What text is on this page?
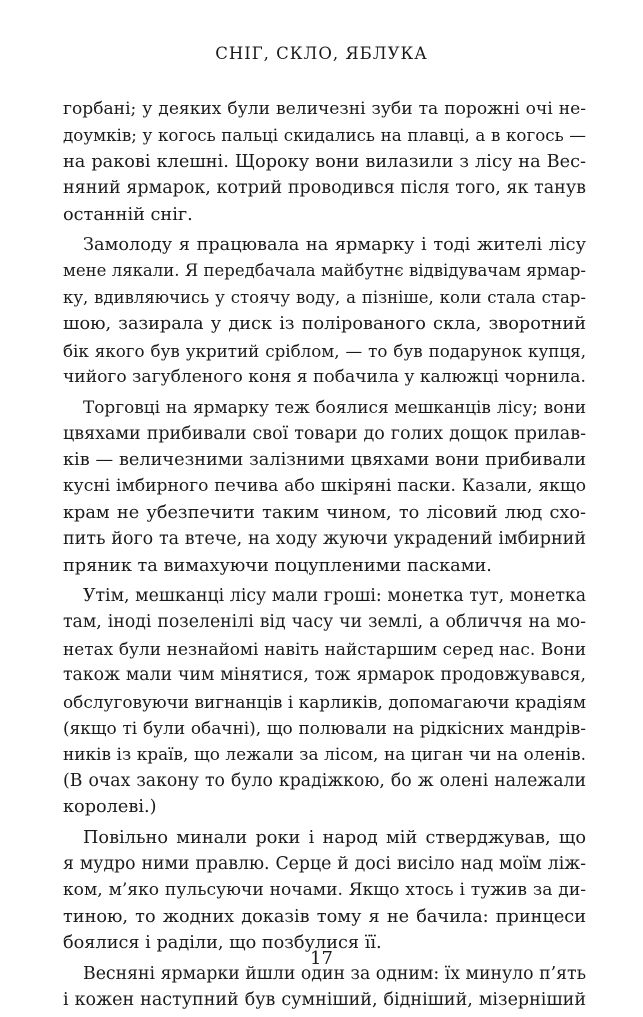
СНІГ, СКЛО, ЯБЛУКА
горбані; у деяких були величезні зуби та порожні очі не-
доумків; у когось пальці скидались на плавці, а в когось —
на ракові клешні. Щороку вони вилазили з лісу на Вес-
няний ярмарок, котрий проводився після того, як танув
останній сніг.
Замолоду я працювала на ярмарку і тоді жителі лісу
мене лякали. Я передбачала майбутнє відвідувачам ярмар-
ку, вдивляючись у стоячу воду, а пізніше, коли стала стар-
шою, зазирала у диск із полірованого скла, зворотний
бік якого був укритий сріблом, — то був подарунок купця,
чийого загубленого коня я побачила у калюжці чорнила.
Торговці на ярмарку теж боялися мешканців лісу; вони
цвяхами прибивали свої товари до голих дощок прилав-
ків — величезними залізними цвяхами вони прибивали
кусні імбирного печива або шкіряні паски. Казали, якщо
крам не убезпечити таким чином, то лісовий люд схо-
пить його та втече, на ходу жуючи украдений імбирний
пряник та вимахуючи поцупленими пасками.
Утім, мешканці лісу мали гроші: монетка тут, монетка
там, іноді позеленілі від часу чи землі, а обличчя на мо-
нетах були незнайомі навіть найстаршим серед нас. Вони
також мали чим мінятися, тож ярмарок продовжувався,
обслуговуючи вигнанців і карликів, допомагаючи крадіям
(якщо ті були обачні), що полювали на рідкісних мандрів-
ників із країв, що лежали за лісом, на циган чи на оленів.
(В очах закону то було крадіжкою, бо ж олені належали
королеві.)
Повільно минали роки і народ мій стверджував, що
я мудро ними правлю. Серце й досі висіло над моїм ліж-
ком, м’яко пульсуючи ночами. Якщо хтось і тужив за ди-
тиною, то жодних доказів тому я не бачила: принцеси
боялися і раділи, що позбулися її.
Весняні ярмарки йшли один за одним: їх минуло п’ять
і кожен наступний був сумніший, бідніший, мізерніший
17
